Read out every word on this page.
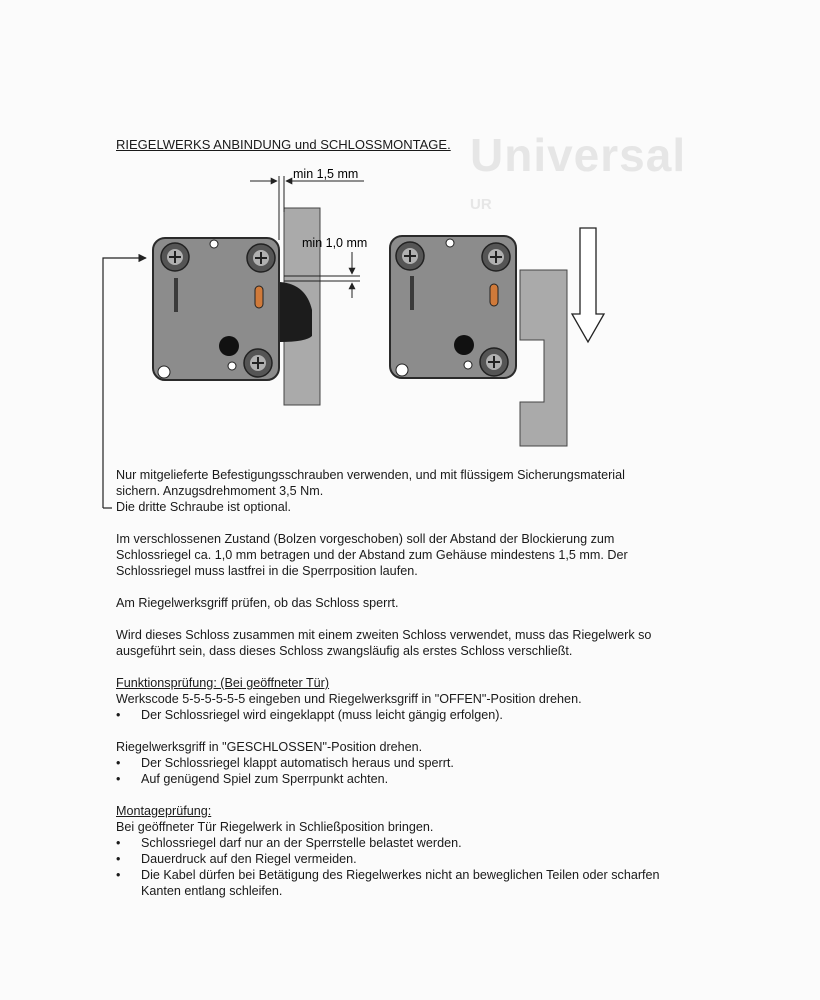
Universal
UR
RIEGELWERKS ANBINDUNG und SCHLOSSMONTAGE.
min 1,5 mm
min 1,0 mm

Nur mitgelieferte Befestigungsschrauben verwenden, und mit flüssigem Sicherungsmaterial

sichern. Anzugsdrehmoment 3,5 Nm.

Die dritte Schraube ist optional.

Im verschlossenen Zustand (Bolzen vorgeschoben) soll der Abstand der Blockierung zum

Schlossriegel ca. 1,0 mm betragen und der Abstand zum Gehäuse mindestens 1,5 mm. Der

Schlossriegel muss lastfrei in die Sperrposition laufen.

Am Riegelwerksgriff prüfen, ob das Schloss sperrt.

Wird dieses Schloss zusammen mit einem zweiten Schloss verwendet, muss das Riegelwerk so

ausgeführt sein, dass dieses Schloss zwangsläufig als erstes Schloss verschließt.

Funktionsprüfung: (Bei geöffneter Tür)

Werkscode 5-5-5-5-5-5 eingeben und Riegelwerksgriff in "OFFEN"-Position drehen.

•
Der Schlossriegel wird eingeklappt (muss leicht gängig erfolgen).

Riegelwerksgriff in "GESCHLOSSEN"-Position drehen.

•
Der Schlossriegel klappt automatisch heraus und sperrt.
•
Auf genügend Spiel zum Sperrpunkt achten.

Montageprüfung:

Bei geöffneter Tür Riegelwerk in Schließposition bringen.

•
Schlossriegel darf nur an der Sperrstelle belastet werden.
•
Dauerdruck auf den Riegel vermeiden.
•
Die Kabel dürfen bei Betätigung des Riegelwerkes nicht an beweglichen Teilen oder scharfen
Kanten entlang schleifen.
